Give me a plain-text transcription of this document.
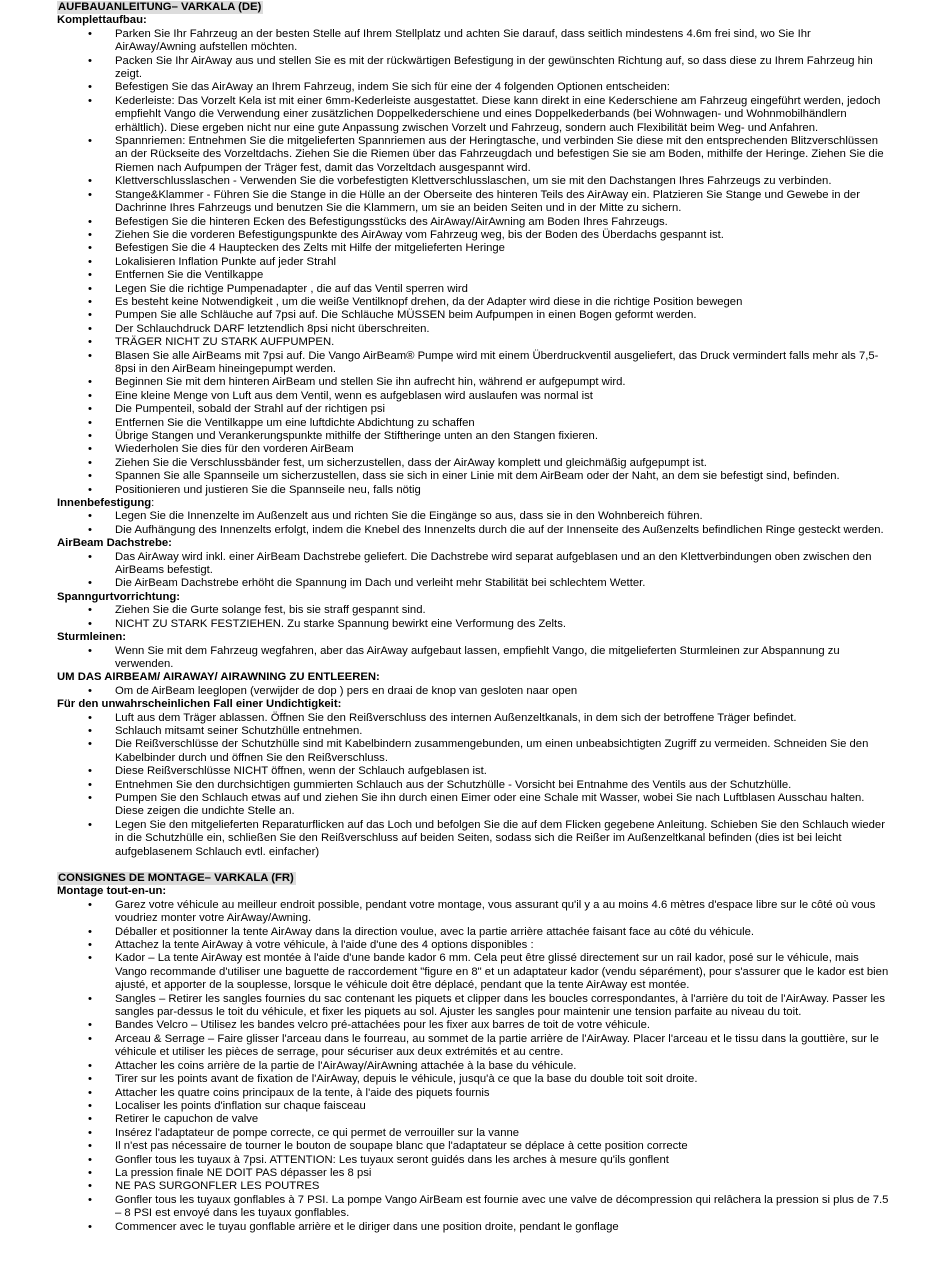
AUFBAUANLEITUNG– VARKALA (DE)
Komplettaufbau:
• Parken Sie Ihr Fahrzeug an der besten Stelle auf Ihrem Stellplatz und achten Sie darauf, dass seitlich mindestens 4.6m frei sind, wo Sie Ihr AirAway/Awning aufstellen möchten.
• Packen Sie Ihr AirAway aus und stellen Sie es mit der rückwärtigen Befestigung in der gewünschten Richtung auf, so dass diese zu Ihrem Fahrzeug hin zeigt.
• Befestigen Sie das AirAway an Ihrem Fahrzeug, indem Sie sich für eine der 4 folgenden Optionen entscheiden:
• Kederleiste: Das Vorzelt Kela ist mit einer 6mm-Kederleiste ausgestattet. Diese kann direkt in eine Kederschiene am Fahrzeug eingeführt werden, jedoch empfiehlt Vango die Verwendung einer zusätzlichen Doppelkederschiene und eines Doppelkederbands (bei Wohnwagen- und Wohnmobilhändlern erhältlich). Diese ergeben nicht nur eine gute Anpassung zwischen Vorzelt und Fahrzeug, sondern auch Flexibilität beim Weg- und Anfahren.
• Spannriemen: Entnehmen Sie die mitgelieferten Spannriemen aus der Heringtasche, und verbinden Sie diese mit den entsprechenden Blitzverschlüssen an der Rückseite des Vorzeltdachs. Ziehen Sie die Riemen über das Fahrzeugdach und befestigen Sie sie am Boden, mithilfe der Heringe. Ziehen Sie die Riemen nach Aufpumpen der Träger fest, damit das Vorzeltdach ausgespannt wird.
• Klettverschlusslaschen - Verwenden Sie die vorbefestigten Klettverschlusslaschen, um sie mit den Dachstangen Ihres Fahrzeugs zu verbinden.
• Stange&Klammer - Führen Sie die Stange in die Hülle an der Oberseite des hinteren Teils des AirAway ein. Platzieren Sie Stange und Gewebe in der Dachrinne Ihres Fahrzeugs und benutzen Sie die Klammern, um sie an beiden Seiten und in der Mitte zu sichern.
• Befestigen Sie die hinteren Ecken des Befestigungsstücks des AirAway/AirAwning am Boden Ihres Fahrzeugs.
• Ziehen Sie die vorderen Befestigungspunkte des AirAway vom Fahrzeug weg, bis der Boden des Überdachs gespannt ist.
• Befestigen Sie die 4 Hauptecken des Zelts mit Hilfe der mitgelieferten Heringe
• Lokalisieren Inflation Punkte auf jeder Strahl
• Entfernen Sie die Ventilkappe
• Legen Sie die richtige Pumpenadapter , die auf das Ventil sperren wird
• Es besteht keine Notwendigkeit , um die weiße Ventilknopf drehen, da der Adapter wird diese in die richtige Position bewegen
• Pumpen Sie alle Schläuche auf 7psi auf. Die Schläuche MÜSSEN beim Aufpumpen in einen Bogen geformt werden.
• Der Schlauchdruck DARF letztendlich 8psi nicht überschreiten.
• TRÄGER NICHT ZU STARK AUFPUMPEN.
• Blasen Sie alle AirBeams mit 7psi auf. Die Vango AirBeam® Pumpe wird mit einem Überdruckventil ausgeliefert, das Druck vermindert falls mehr als 7,5-8psi in den AirBeam hineingepumpt werden.
• Beginnen Sie mit dem hinteren AirBeam und stellen Sie ihn aufrecht hin, während er aufgepumpt wird.
• Eine kleine Menge von Luft aus dem Ventil, wenn es aufgeblasen wird auslaufen was normal ist
• Die Pumpenteil, sobald der Strahl auf der richtigen psi
• Entfernen Sie die Ventilkappe um eine luftdichte Abdichtung zu schaffen
• Übrige Stangen und Verankerungspunkte mithilfe der Stiftheringe unten an den Stangen fixieren.
• Wiederholen Sie dies für den vorderen AirBeam
• Ziehen Sie die Verschlussbänder fest, um sicherzustellen, dass der AirAway komplett und gleichmäßig aufgepumpt ist.
• Spannen Sie alle Spannseile um sicherzustellen, dass sie sich in einer Linie mit dem AirBeam oder der Naht, an dem sie befestigt sind, befinden.
• Positionieren und justieren Sie die Spannseile neu, falls nötig
Innenbefestigung:
• Legen Sie die Innenzelte im Außenzelt aus und richten Sie die Eingänge so aus, dass sie in den Wohnbereich führen.
• Die Aufhängung des Innenzelts erfolgt, indem die Knebel des Innenzelts durch die auf der Innenseite des Außenzelts befindlichen Ringe gesteckt werden.
AirBeam Dachstrebe:
• Das AirAway wird inkl. einer AirBeam Dachstrebe geliefert. Die Dachstrebe wird separat aufgeblasen und an den Klettverbindungen oben zwischen den AirBeams befestigt.
• Die AirBeam Dachstrebe erhöht die Spannung im Dach und verleiht mehr Stabilität bei schlechtem Wetter.
Spanngurtvorrichtung:
• Ziehen Sie die Gurte solange fest, bis sie straff gespannt sind.
• NICHT ZU STARK FESTZIEHEN. Zu starke Spannung bewirkt eine Verformung des Zelts.
Sturmleinen:
• Wenn Sie mit dem Fahrzeug wegfahren, aber das AirAway aufgebaut lassen, empfiehlt Vango, die mitgelieferten Sturmleinen zur Abspannung zu verwenden.
UM DAS AIRBEAM/ AIRAWAY/ AIRAWNING ZU ENTLEEREN:
• Om de AirBeam leeglopen (verwijder de dop ) pers en draai de knop van gesloten naar open
Für den unwahrscheinlichen Fall einer Undichtigkeit:
• Luft aus dem Träger ablassen. Öffnen Sie den Reißverschluss des internen Außenzeltkanals, in dem sich der betroffene Träger befindet.
• Schlauch mitsamt seiner Schutzhülle entnehmen.
• Die Reißverschlüsse der Schutzhülle sind mit Kabelbindern zusammengebunden, um einen unbeabsichtigten Zugriff zu vermeiden. Schneiden Sie den Kabelbinder durch und öffnen Sie den Reißverschluss.
• Diese Reißverschlüsse NICHT öffnen, wenn der Schlauch aufgeblasen ist.
• Entnehmen Sie den durchsichtigen gummierten Schlauch aus der Schutzhülle - Vorsicht bei Entnahme des Ventils aus der Schutzhülle.
• Pumpen Sie den Schlauch etwas auf und ziehen Sie ihn durch einen Eimer oder eine Schale mit Wasser, wobei Sie nach Luftblasen Ausschau halten. Diese zeigen die undichte Stelle an.
• Legen Sie den mitgelieferten Reparaturflicken auf das Loch und befolgen Sie die auf dem Flicken gegebene Anleitung. Schieben Sie den Schlauch wieder in die Schutzhülle ein, schließen Sie den Reißverschluss auf beiden Seiten, sodass sich die Reißer im Außenzeltkanal befinden (dies ist bei leicht aufgeblasenem Schlauch evtl. einfacher)
CONSIGNES DE MONTAGE– VARKALA (FR)
Montage tout-en-un:
• Garez votre véhicule au meilleur endroit possible, pendant votre montage, vous assurant qu'il y a au moins 4.6 mètres d'espace libre sur le côté où vous voudriez monter votre AirAway/Awning.
• Déballer et positionner la tente AirAway dans la direction voulue, avec la partie arrière attachée faisant face au côté du véhicule.
• Attachez la tente AirAway à votre véhicule, à l'aide d'une des 4 options disponibles :
• Kador – La tente AirAway est montée à l'aide d'une bande kador 6 mm. Cela peut être glissé directement sur un rail kador, posé sur le véhicule, mais Vango recommande d'utiliser une baguette de raccordement "figure en 8" et un adaptateur kador (vendu séparément), pour s'assurer que le kador est bien ajusté, et apporter de la souplesse, lorsque le véhicule doit être déplacé, pendant que la tente AirAway est montée.
• Sangles – Retirer les sangles fournies du sac contenant les piquets et clipper dans les boucles correspondantes, à l'arrière du toit de l'AirAway. Passer les sangles par-dessus le toit du véhicule, et fixer les piquets au sol. Ajuster les sangles pour maintenir une tension parfaite au niveau du toit.
• Bandes Velcro – Utilisez les bandes velcro pré-attachées pour les fixer aux barres de toit de votre véhicule.
• Arceau & Serrage – Faire glisser l'arceau dans le fourreau, au sommet de la partie arrière de l'AirAway. Placer l'arceau et le tissu dans la gouttière, sur le véhicule et utiliser les pièces de serrage, pour sécuriser aux deux extrémités et au centre.
• Attacher les coins arrière de la partie de l'AirAway/AirAwning attachée à la base du véhicule.
• Tirer sur les points avant de fixation de l'AirAway, depuis le véhicule, jusqu'à ce que la base du double toit soit droite.
• Attacher les quatre coins principaux de la tente, à l'aide des piquets fournis
• Localiser les points d'inflation sur chaque faisceau
• Retirer le capuchon de valve
• Insérez l'adaptateur de pompe correcte, ce qui permet de verrouiller sur la vanne
• Il n'est pas nécessaire de tourner le bouton de soupape blanc que l'adaptateur se déplace à cette position correcte
• Gonfler tous les tuyaux à 7psi. ATTENTION: Les tuyaux seront guidés dans les arches à mesure qu'ils gonflent
• La pression finale NE DOIT PAS dépasser les 8 psi
• NE PAS SURGONFLER LES POUTRES
• Gonfler tous les tuyaux gonflables à 7 PSI. La pompe Vango AirBeam est fournie avec une valve de décompression qui relâchera la pression si plus de 7.5 – 8 PSI est envoyé dans les tuyaux gonflables.
• Commencer avec le tuyau gonflable arrière et le diriger dans une position droite, pendant le gonflage
